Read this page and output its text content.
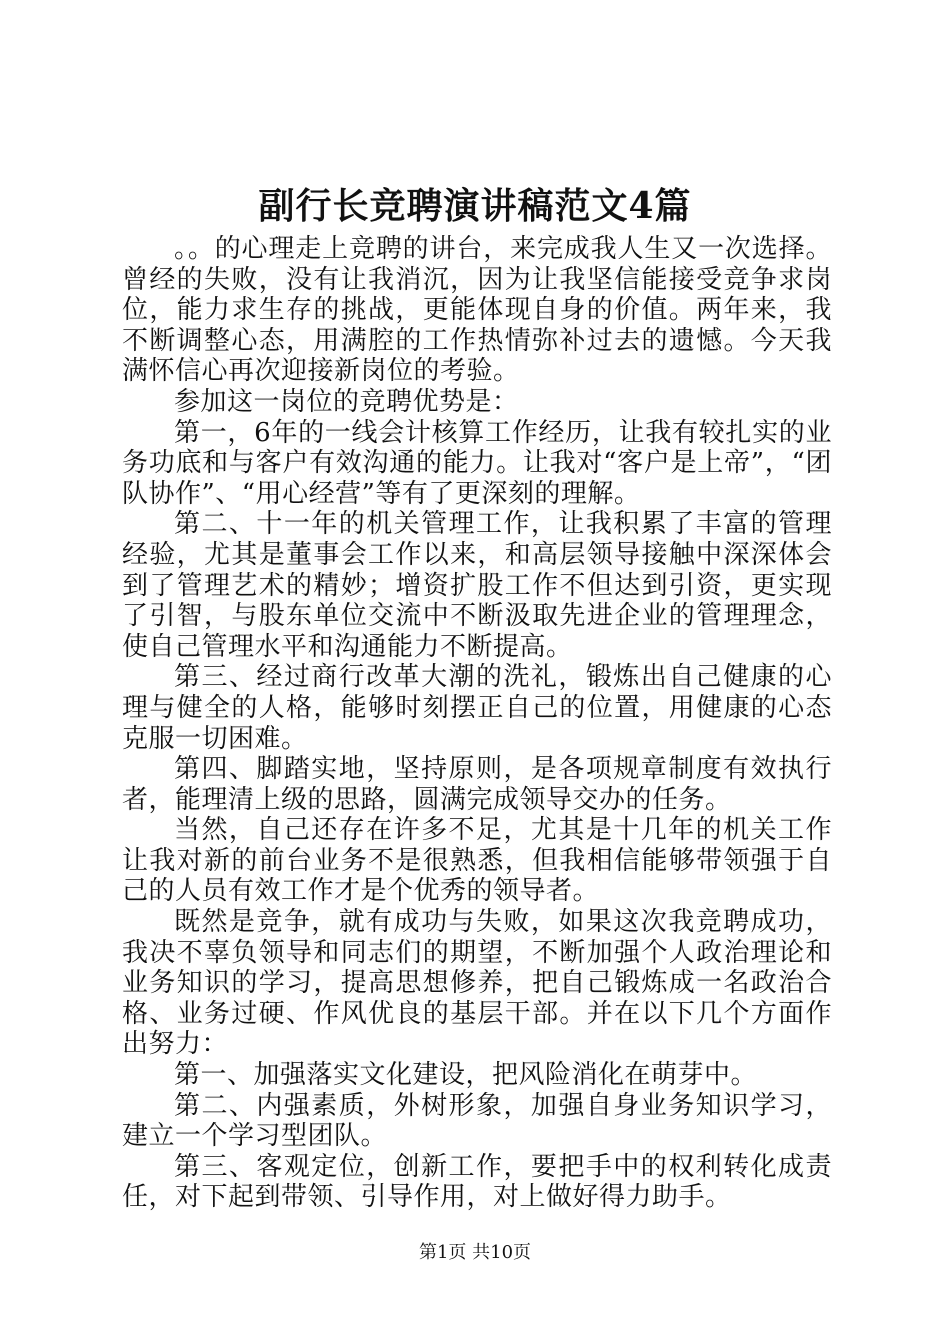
副行长竞聘演讲稿范文4篇

。。的心理走上竞聘的讲台，来完成我人生又一次选择。曾经的失败，没有让我消沉，因为让我坚信能接受竞争求岗位，能力求生存的挑战，更能体现自身的价值。两年来，我不断调整心态，用满腔的工作热情弥补过去的遗憾。今天我满怀信心再次迎接新岗位的考验。

参加这一岗位的竞聘优势是：

第一，6年的一线会计核算工作经历，让我有较扎实的业务功底和与客户有效沟通的能力。让我对“客户是上帝”，“团队协作”、“用心经营”等有了更深刻的理解。

第二、十一年的机关管理工作，让我积累了丰富的管理经验，尤其是董事会工作以来，和高层领导接触中深深体会到了管理艺术的精妙；增资扩股工作不但达到引资，更实现了引智，与股东单位交流中不断汲取先进企业的管理理念，使自己管理水平和沟通能力不断提高。

第三、经过商行改革大潮的洗礼，锻炼出自己健康的心理与健全的人格，能够时刻摆正自己的位置，用健康的心态克服一切困难。

第四、脚踏实地，坚持原则，是各项规章制度有效执行者，能理清上级的思路，圆满完成领导交办的任务。

当然，自己还存在许多不足，尤其是十几年的机关工作让我对新的前台业务不是很熟悉，但我相信能够带领强于自己的人员有效工作才是个优秀的领导者。

既然是竞争，就有成功与失败，如果这次我竞聘成功，我决不辜负领导和同志们的期望，不断加强个人政治理论和业务知识的学习，提高思想修养，把自己锻炼成一名政治合格、业务过硬、作风优良的基层干部。并在以下几个方面作出努力：

第一、加强落实文化建设，把风险消化在萌芽中。

第二、内强素质，外树形象，加强自身业务知识学习，建立一个学习型团队。

第三、客观定位，创新工作，要把手中的权利转化成责任，对下起到带领、引导作用，对上做好得力助手。

第1页 共10页
